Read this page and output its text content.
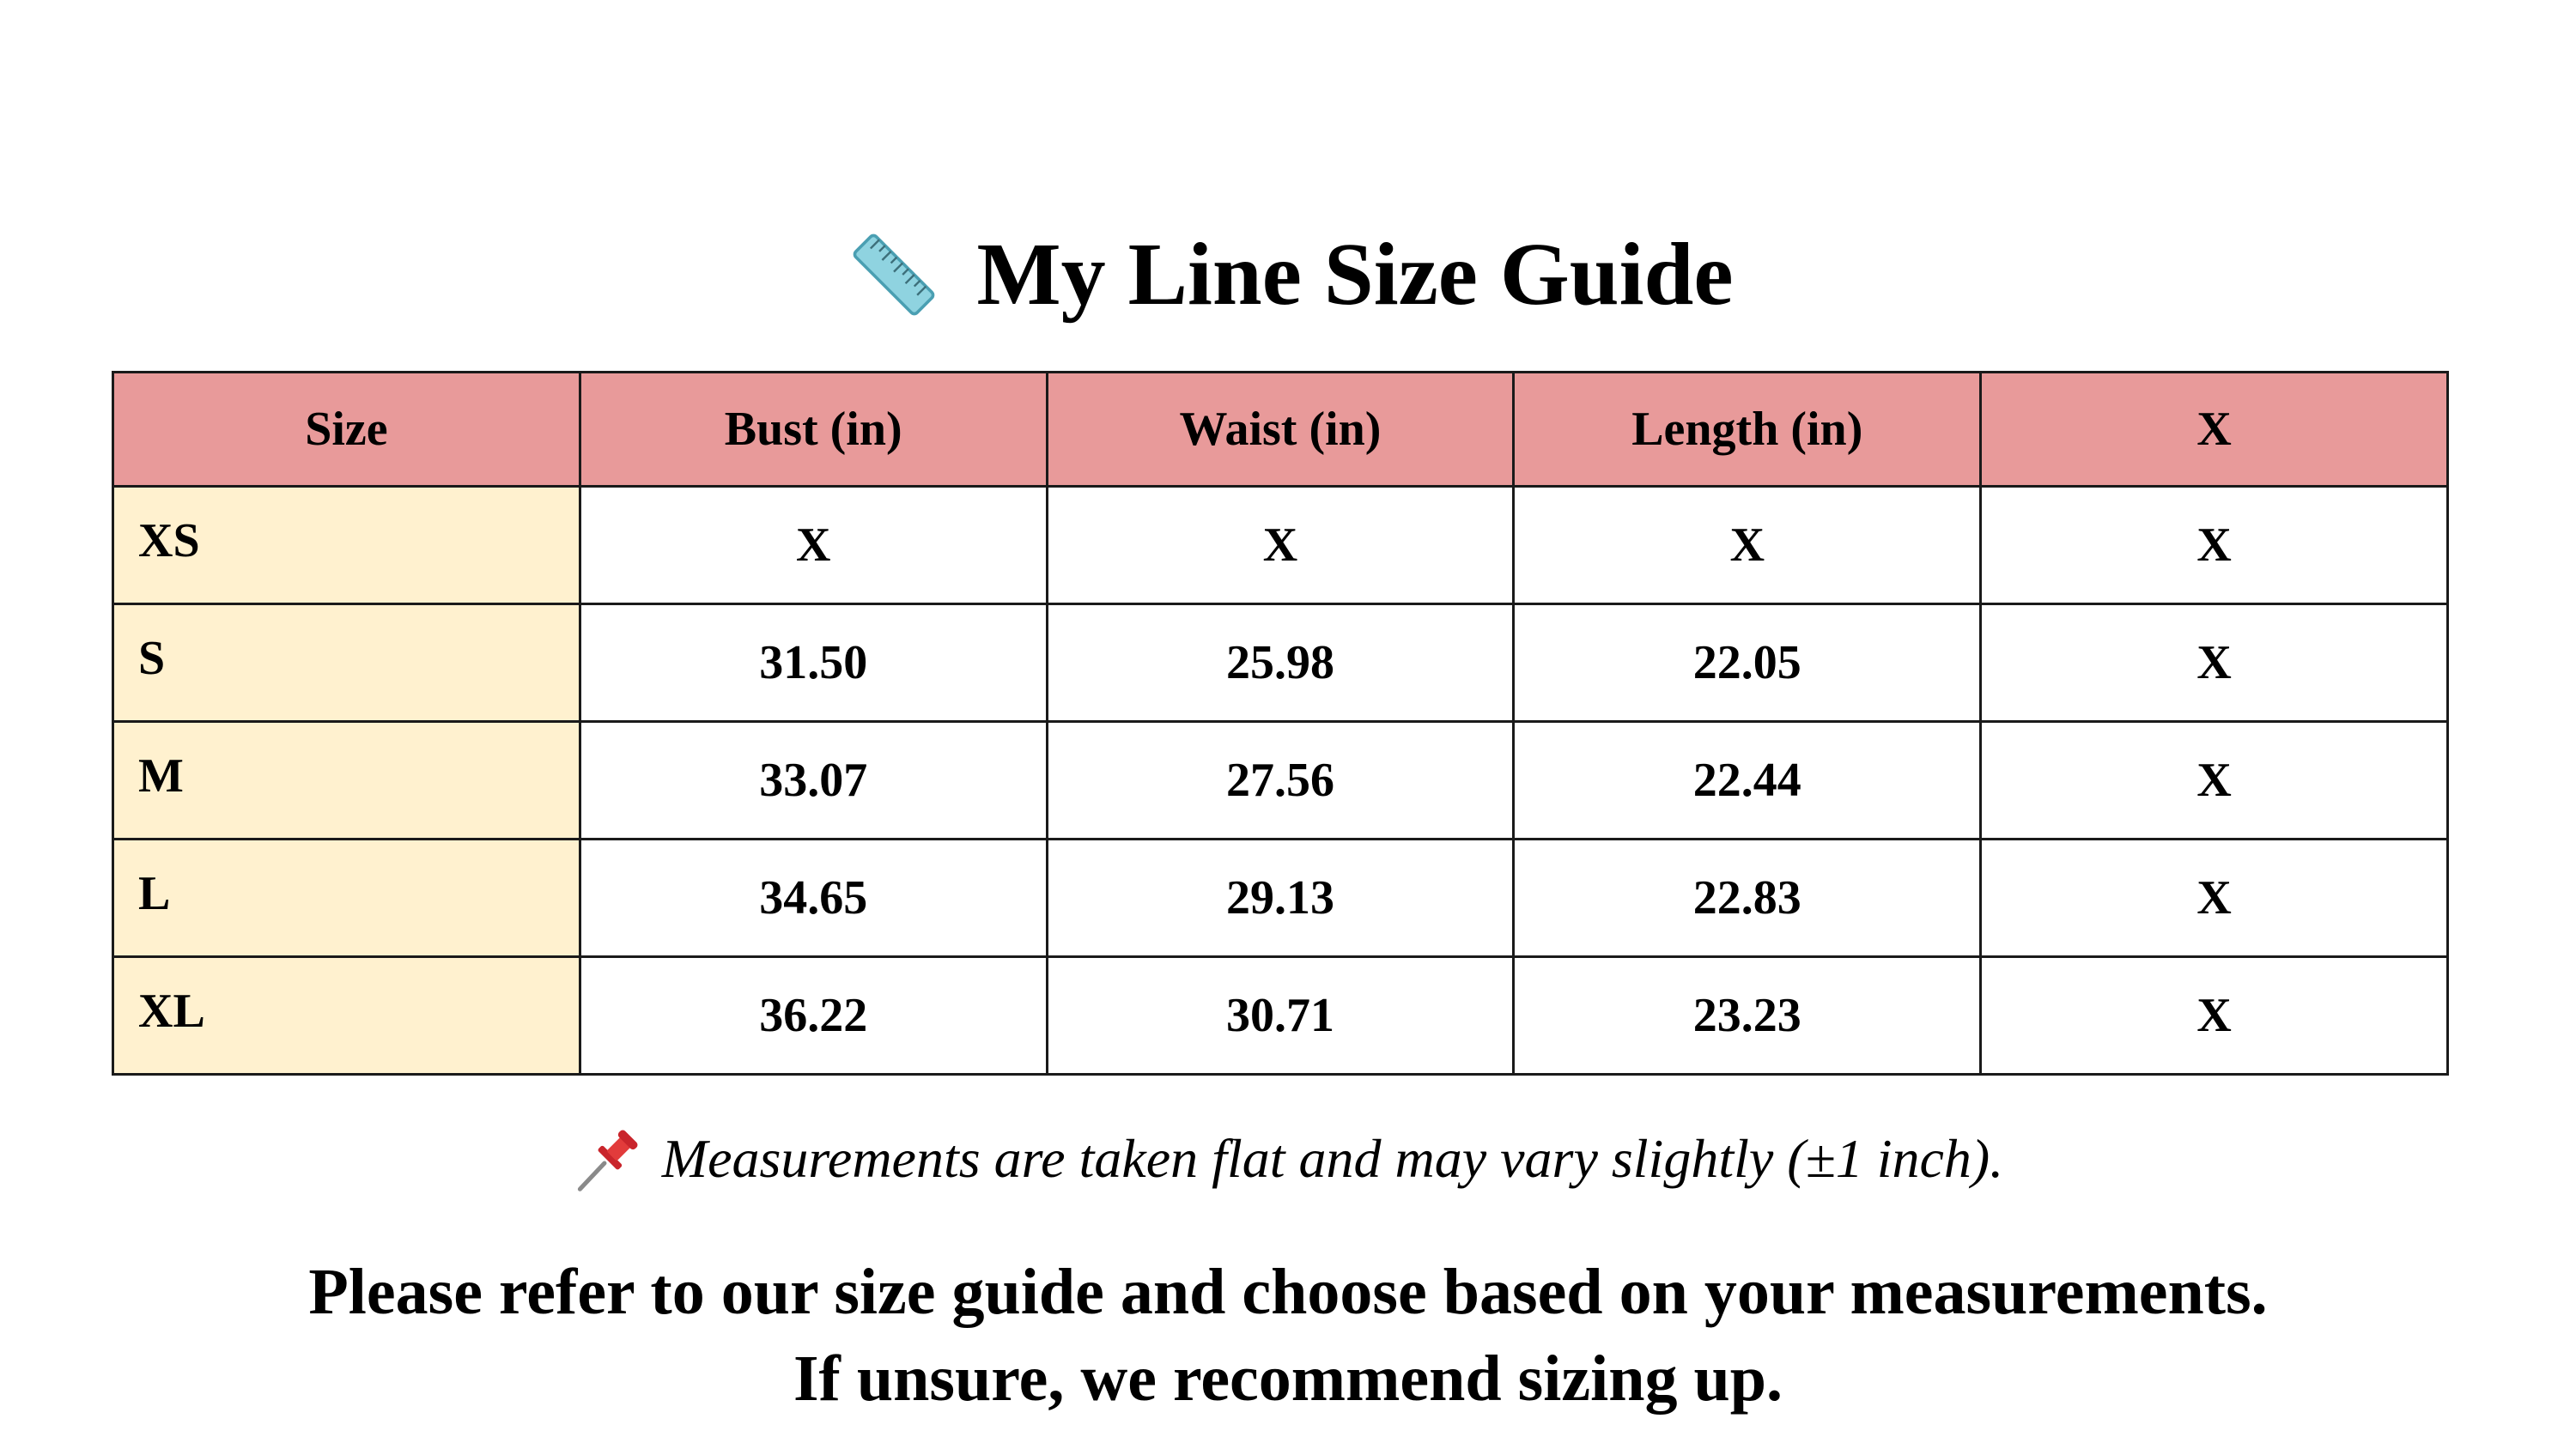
My Line Size Guide
Size	Bust (in)	Waist (in)	Length (in)	X
XS	X	X	X	X
S	31.50	25.98	22.05	X
M	33.07	27.56	22.44	X
L	34.65	29.13	22.83	X
XL	36.22	30.71	23.23	X
Measurements are taken flat and may vary slightly (±1 inch).
Please refer to our size guide and choose based on your measurements.
If unsure, we recommend sizing up.
